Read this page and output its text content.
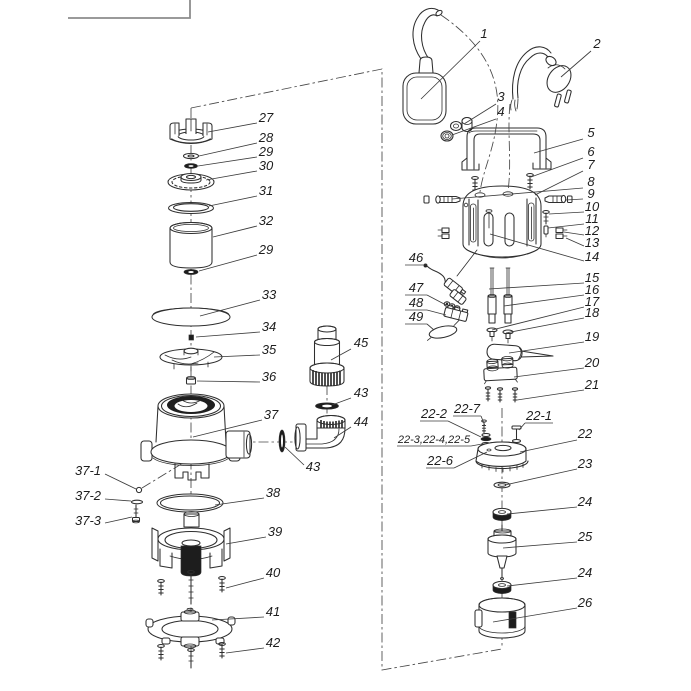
1
2
3
4
5
6
7
8
9
10
11
12
13
14
15
16
17
18
19
20
21
22-2 22-7	22-1
22
22-3,22-4,22-5
22-6	23
24
25
24
26
46
47
48
49
27
28
29
30
31
32
29
33
34
35
36
37
38
39
40
41
42
37-1
37-2
37-3
45
43
44
43
